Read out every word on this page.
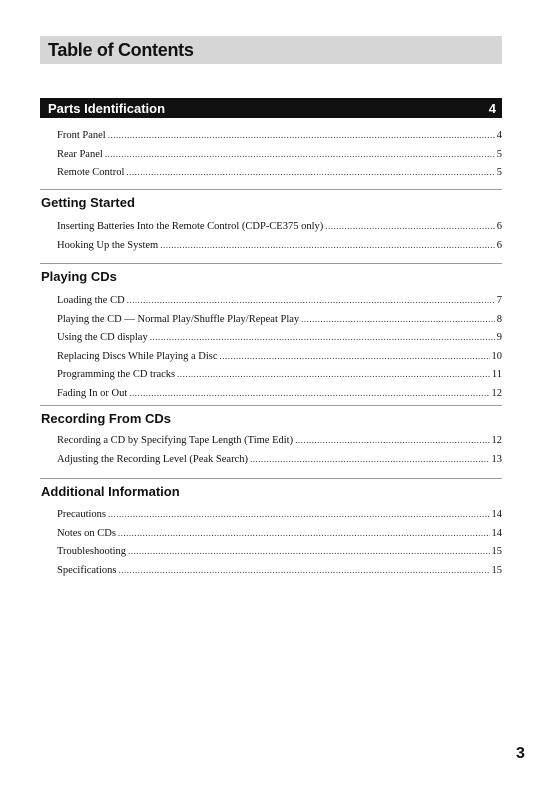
Table of Contents
Parts Identification	4
Front Panel .....	4
Rear Panel .....	5
Remote Control .....	5
Getting Started
Inserting Batteries Into the Remote Control (CDP-CE375 only) .....	6
Hooking Up the System .....	6
Playing CDs
Loading the CD .....	7
Playing the CD — Normal Play/Shuffle Play/Repeat Play .....	8
Using the CD display .....	9
Replacing Discs While Playing a Disc .....	10
Programming the CD tracks .....	11
Fading In or Out .....	12
Recording From CDs
Recording a CD by Specifying Tape Length (Time Edit) .....	12
Adjusting the Recording Level (Peak Search) .....	13
Additional Information
Precautions .....	14
Notes on CDs .....	14
Troubleshooting .....	15
Specifications .....	15
3
